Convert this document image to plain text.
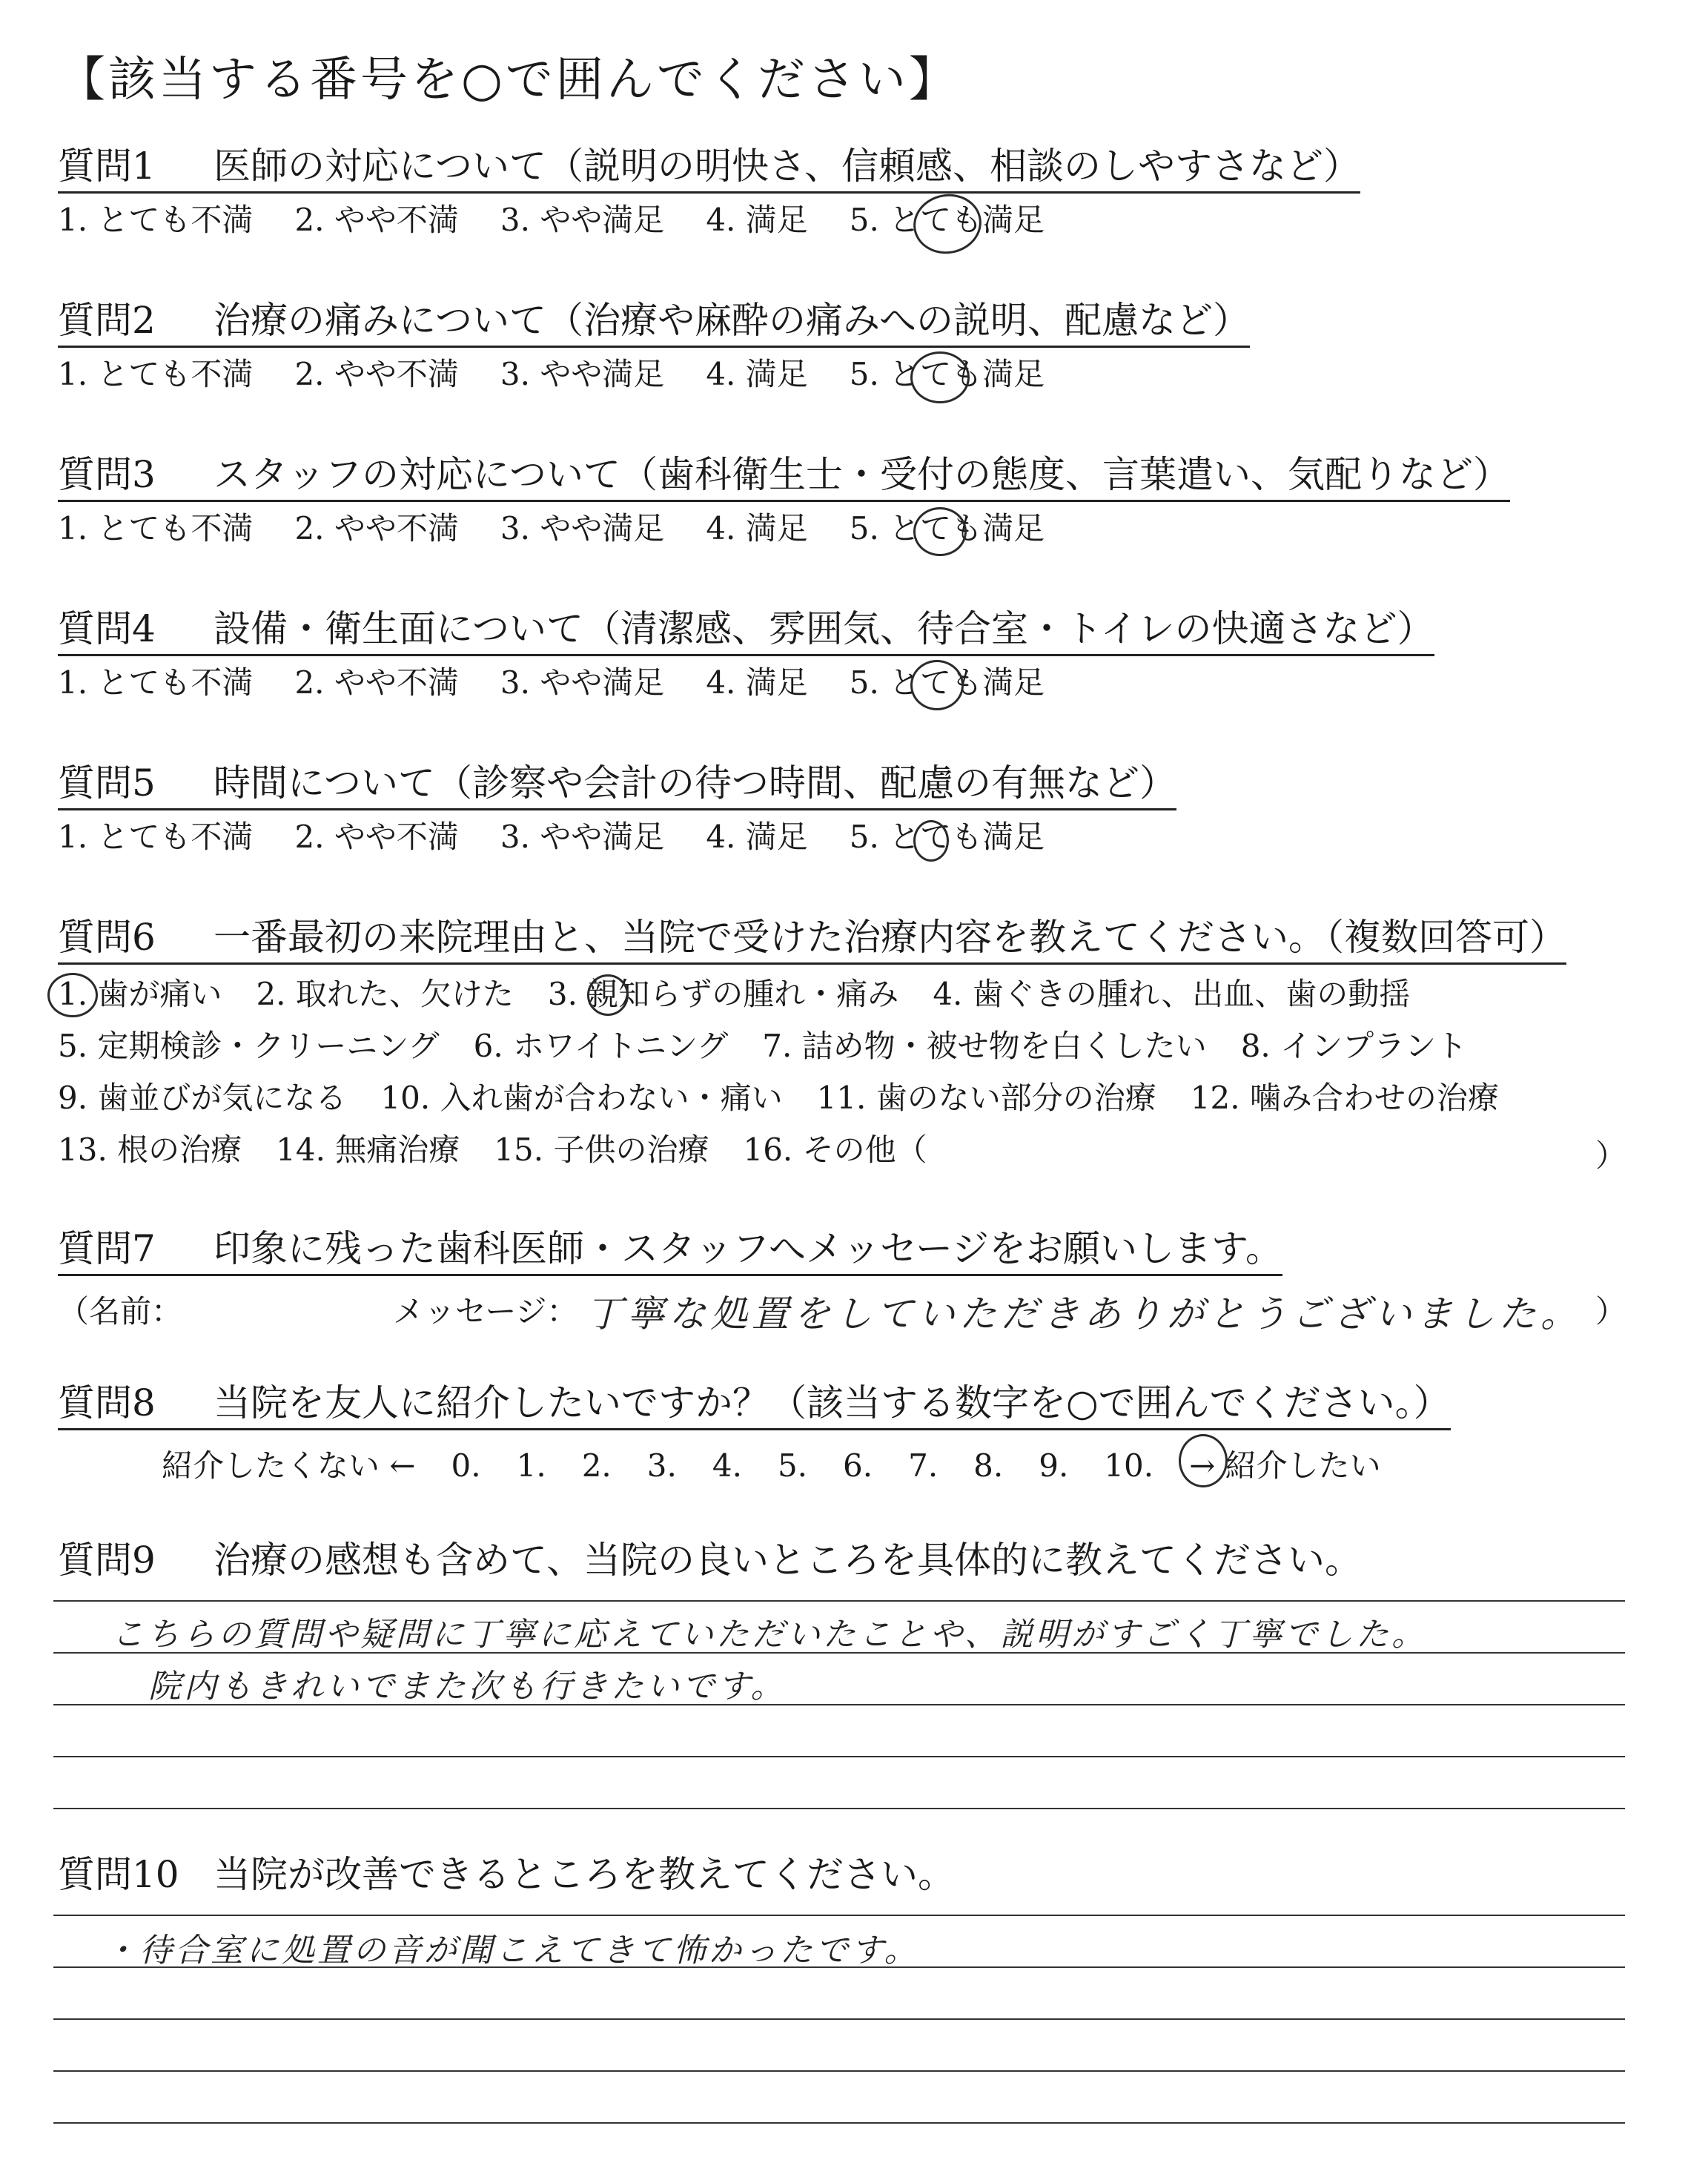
【該当する番号を○で囲んでください】
質問1 医師の対応について（説明の明快さ、信頼感、相談のしやすさなど）
1. とても不満 2. やや不満 3. やや満足 4. 満足 5. とても満足
質問2 治療の痛みについて（治療や麻酔の痛みへの説明、配慮など）
1. とても不満 2. やや不満 3. やや満足 4. 満足 5. とても満足
質問3 スタッフの対応について（歯科衛生士・受付の態度、言葉遣い、気配りなど）
1. とても不満 2. やや不満 3. やや満足 4. 満足 5. とても満足
質問4 設備・衛生面について（清潔感、雰囲気、待合室・トイレの快適さなど）
1. とても不満 2. やや不満 3. やや満足 4. 満足 5. とても満足
質問5 時間について（診察や会計の待つ時間、配慮の有無など）
1. とても不満 2. やや不満 3. やや満足 4. 満足 5. とても満足
質問6 一番最初の来院理由と、当院で受けた治療内容を教えてください。（複数回答可）
1. 歯が痛い 2. 取れた、欠けた 3. 親知らずの腫れ・痛み 4. 歯ぐきの腫れ、出血、歯の動揺
5. 定期検診・クリーニング 6. ホワイトニング 7. 詰め物・被せ物を白くしたい 8. インプラント
9. 歯並びが気になる 10. 入れ歯が合わない・痛い 11. 歯のない部分の治療 12. 噛み合わせの治療
13. 根の治療 14. 無痛治療 15. 子供の治療 16. その他（	）
質問7 印象に残った歯科医師・スタッフへメッセージをお願いします。
（名前：	メッセージ： 丁寧な処置をしていただきありがとうございました。 ）
質問8 当院を友人に紹介したいですか？（該当する数字を○で囲んでください。）
紹介したくない ← 0. 1. 2. 3. 4. 5. 6. 7. 8. 9. 10. → 紹介したい
質問9 治療の感想も含めて、当院の良いところを具体的に教えてください。
こちらの質問や疑問に丁寧に応えていただいたことや、説明がすごく丁寧でした。
院内もきれいでまた次も行きたいです。
質問10 当院が改善できるところを教えてください。
・待合室に処置の音が聞こえてきて怖かったです。
